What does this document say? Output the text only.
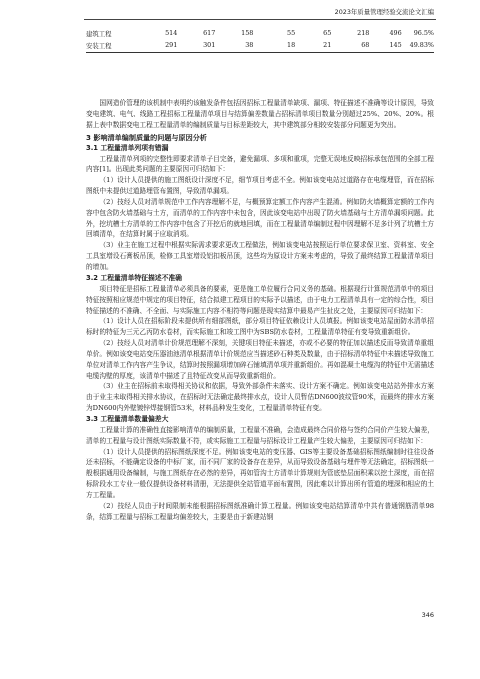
2023年质量管理经验交流论文汇编
建筑工程	514	617	158	55	65	218	496	96.5%
安装工程	291	301	38	18	21	68	145	49.83%

国网造价管理的该机制中表明约该触发条件包括因招标工程量清单缺项、漏项、特征描述不准确等设计原因，导致变电建筑、电气、线路工程招标工程量清单项目与结算偏差数量占招标清单项目数量分别超过25%、20%、20%。根据上表中数据变电工程工程量清单的编制质量与目标差距较大，其中建筑部分相较安装部分问题更为突出。

3 影响清单编制质量的问题与原因分析
3.1 工程量清单列项有错漏

工程量清单列项的完整性即要求清单子目完备，避免漏项、多项和重项，完整无误地反映招标承包范围的全部工程内容[1]。出现此类问题的主要原因可归结如下：

（1）设计人员提供的施工图纸设计深度不足，细节项目考虑不全。例如该变电站过道路存在电缆埋管，而在招标图纸中未提供过道路埋管布置图，导致清单漏项。

（2）技经人员对清单规范中工作内容理解不足，与概预算定额工作内容产生混淆。例如防火墙概算定额的工作内容中包含防火墙基础与土方，而清单的工作内容中未包含，因此该变电站中出现了防火墙基础与土方清单漏项问题。此外，挖坑槽土方清单的工作内容中包含了开挖后的就地回填，而在工程量清单编制过程中因理解不足多计列了坑槽土方回填清单，在结算时属于应取消项。

（3）业主在施工过程中根据实际需求要求更改工程做法，例如该变电站按照运行单位要求保卫室、资料室、安全工具室增设石膏板吊顶，检修工具室增设铝扣板吊顶，这些均为原设计方案未考虑的，导致了最终结算工程量清单项目的增加。

3.2 工程量清单特征描述不准确

项目特征是招标工程量清单必须具备的要素，更是施工单位履行合同义务的基础。根据现行计算规范清单中的项目特征按照相应规范中规定的项目特征，结合拟建工程项目的实际予以描述，由于电力工程清单具有一定的综合性，项目特征描述的不准确、不全面、与实际施工内容不相符等问题是现实结算中最易产生扯皮之处，主要原因可归结如下：

（1）设计人员在招标阶段未提供所有细部图纸，部分项目特征依赖设计人员填报。例如该变电站屋面防水清单招标时的特征为三元乙丙防水卷材，而实际施工和竣工图中为SBS防水卷材，工程量清单特征有变导致重新组价。

（2）技经人员对清单计价规范理解不深刻，关键项目特征未描述，亦或不必要的特征加以描述反而导致清单重组单价。例如该变电站变压器油池清单根据清单计价规范应当描述砂石种类及数量，由于招标清单特征中未描述导致施工单位对清单工作内容产生争议，结算时按照漏项增加碎石铺填清单项并重新组价。再如混凝土电缆沟的特征中无需描述电缆沟壁的厚度，该清单中描述了且特征改变从而导致重新组价。

（3）业主在招标前未取得相关协议和依据，导致外部条件未落实、设计方案不确定。例如该变电站站外排水方案由于业主未取得相关排水协议，在招标时无法确定最终排水点，设计人员暂估DN600波纹管90米，而最终的排水方案为DN600内外壁镀锌焊接钢管53米，材料品种发生变化，工程量清单特征有变。

3.3 工程量清单数量偏差大

工程量计算的准确性直接影响清单的编制质量，工程量不准确，会造成最终合同价格与签约合同价产生较大偏差，清单的工程量与设计图纸实际数量不符，或实际施工工程量与招标设计工程量产生较大偏差，主要原因可归结如下：

（1）设计人员提供的招标图纸深度不足。例如该变电站的变压器、GIS等主要设备基础招标图纸编制时往往设备还未招标，不能确定设备的中标厂家，而不同厂家的设备存在差异，从而导致设备基础与埋件等无法确定，招标图纸一般根据通用设备编制，与施工图纸存在必然的差异，再如管沟土方清单计算规则为管底垫层面积乘以挖土深度，而在招标阶段水工专业一般仅提供设备材料清册，无法提供全站管道平面布置图，因此难以计算出所有管道的埋深和相应的土方工程量。

（2）技经人员由于时间限制未能根据招标图纸准确计算工程量。例如该变电站结算清单中共有普通钢筋清单98条，结算工程量与招标工程量均偏差较大，主要是由于新建站钢

346
